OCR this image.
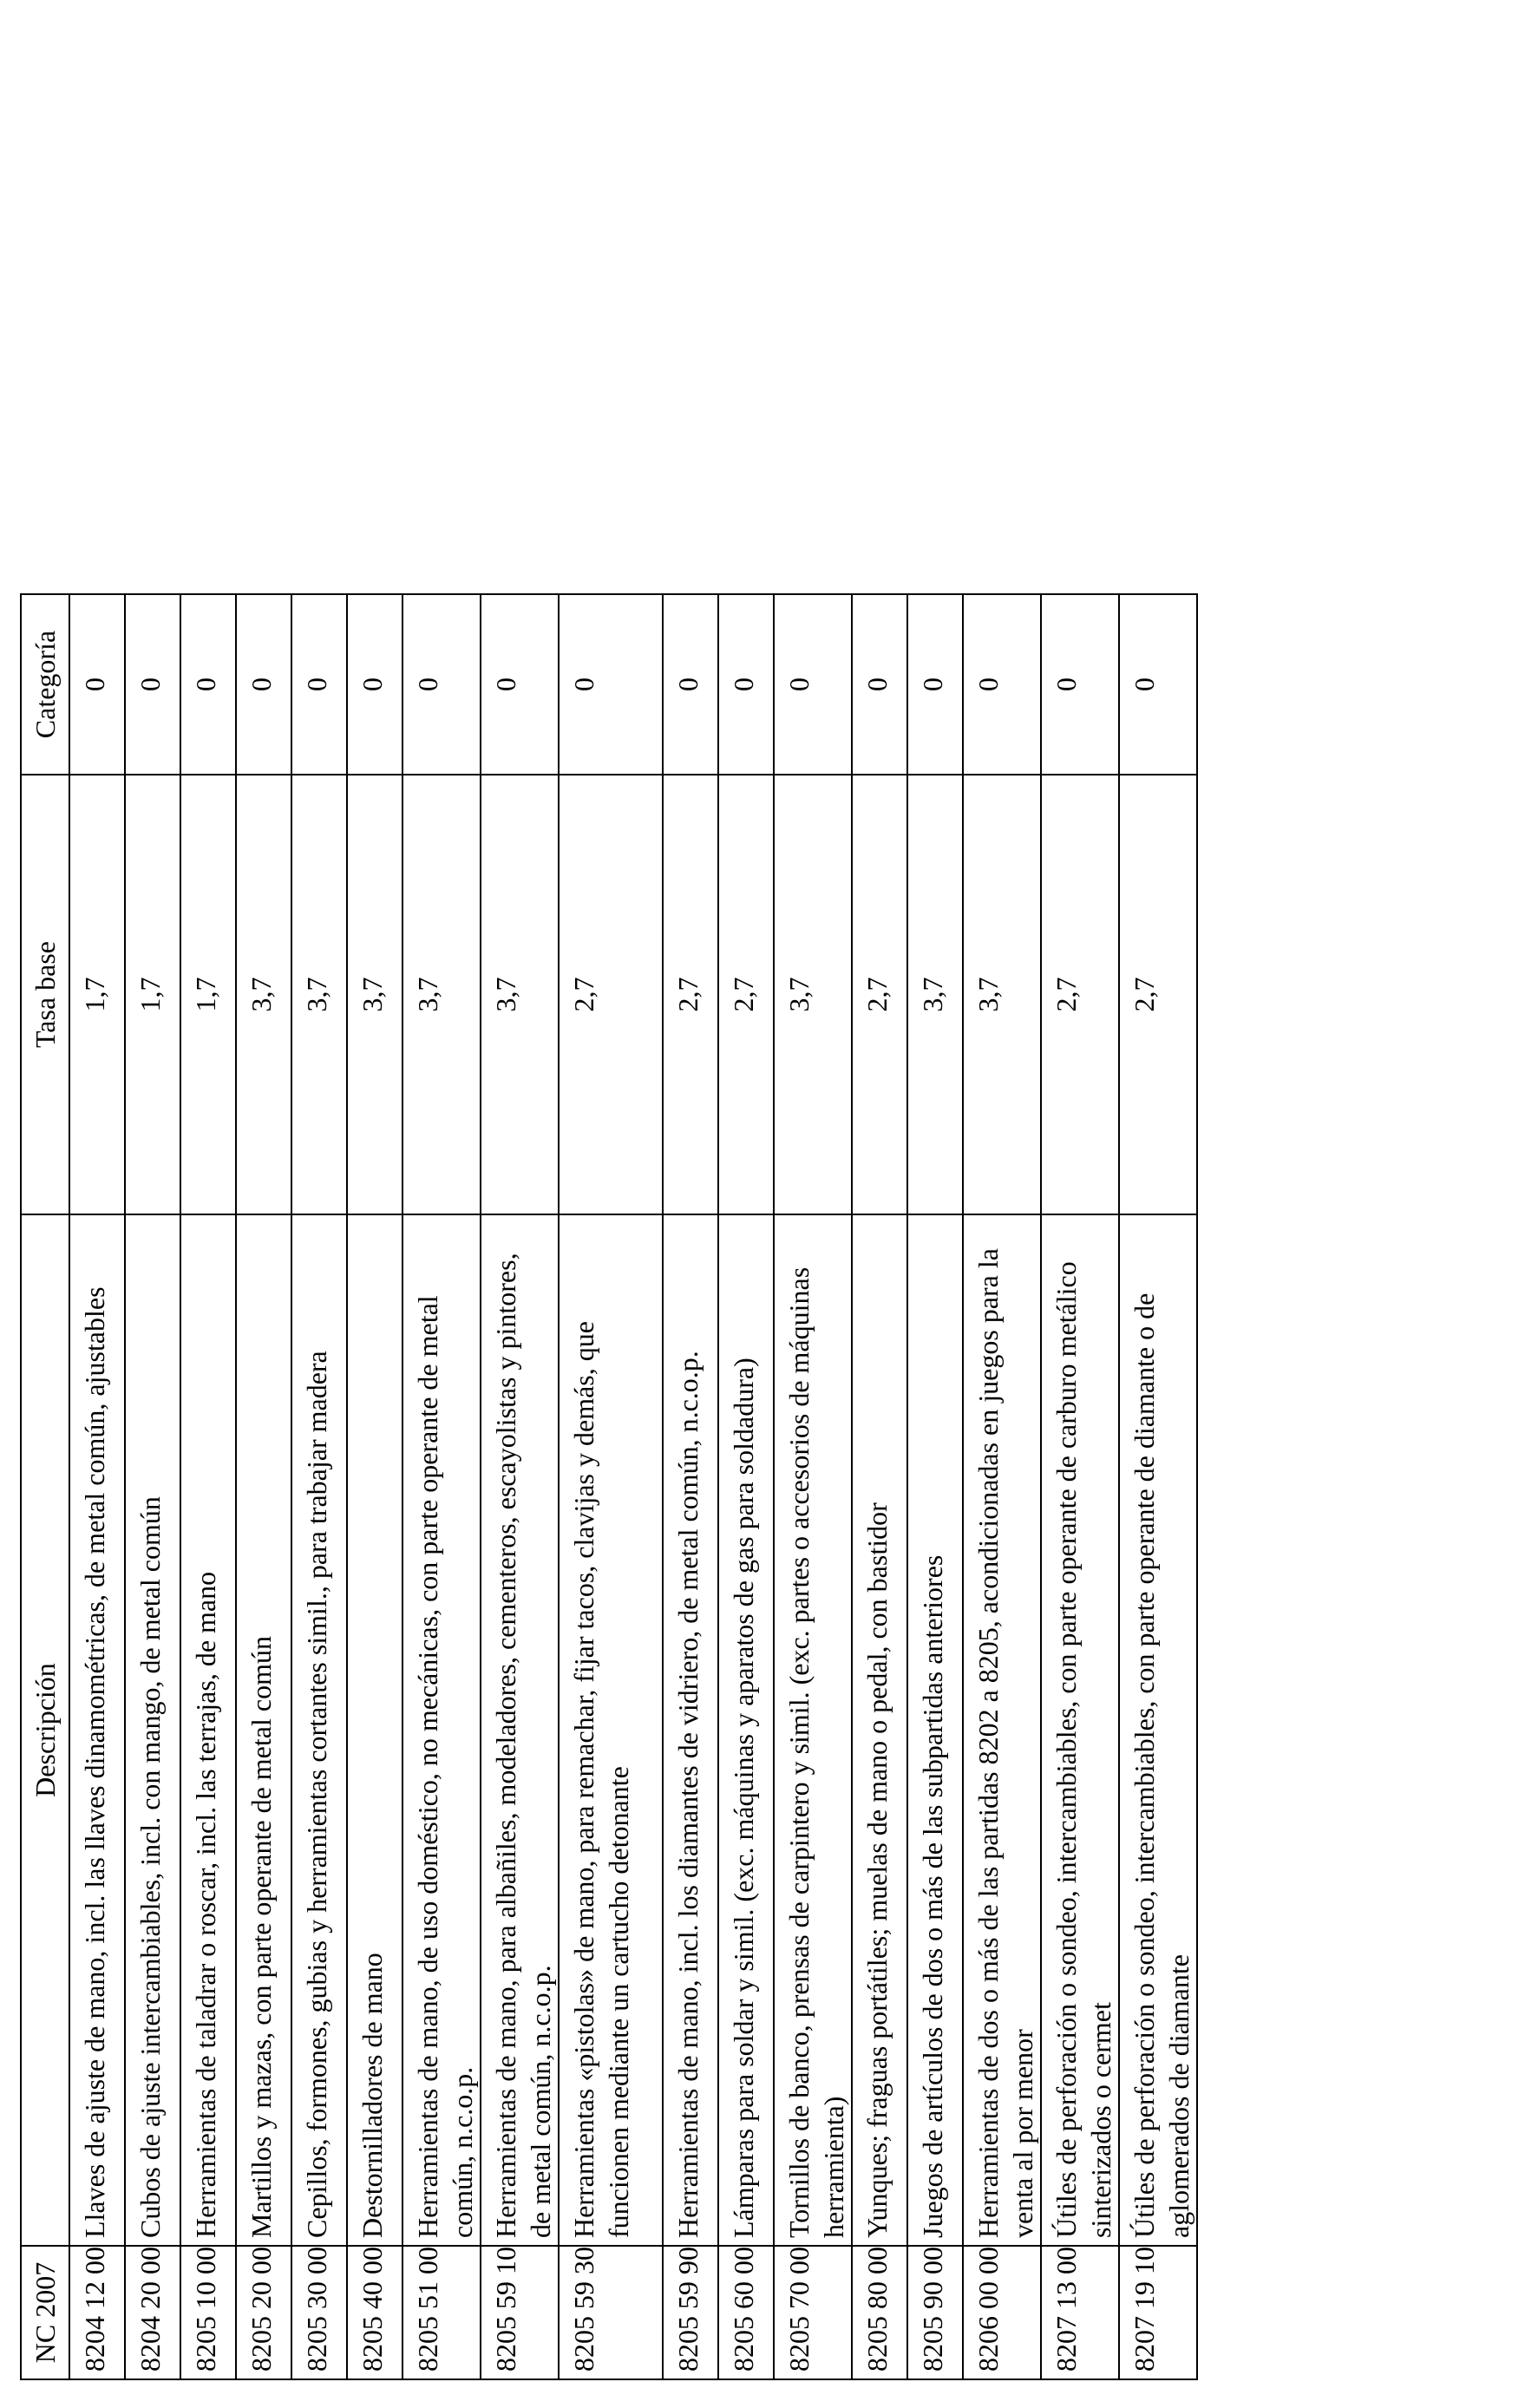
NC 2007	Descripción	Tasa base	Categoría
8204 12 00	Llaves de ajuste de mano, incl. las llaves dinamométricas, de metal común, ajustables	1,7	0
8204 20 00	Cubos de ajuste intercambiables, incl. con mango, de metal común	1,7	0
8205 10 00	Herramientas de taladrar o roscar, incl. las terrajas, de mano	1,7	0
8205 20 00	Martillos y mazas, con parte operante de metal común	3,7	0
8205 30 00	Cepillos, formones, gubias y herramientas cortantes simil., para trabajar madera	3,7	0
8205 40 00	Destornilladores de mano	3,7	0
8205 51 00	Herramientas de mano, de uso doméstico, no mecánicas, con parte operante de metal común, n.c.o.p.	3,7	0
8205 59 10	Herramientas de mano, para albañiles, modeladores, cementeros, escayolistas y pintores, de metal común, n.c.o.p.	3,7	0
8205 59 30	Herramientas «pistolas» de mano, para remachar, fijar tacos, clavijas y demás, que funcionen mediante un cartucho detonante	2,7	0
8205 59 90	Herramientas de mano, incl. los diamantes de vidriero, de metal común, n.c.o.p.	2,7	0
8205 60 00	Lámparas para soldar y simil. (exc. máquinas y aparatos de gas para soldadura)	2,7	0
8205 70 00	Tornillos de banco, prensas de carpintero y simil. (exc. partes o accesorios de máquinas herramienta)	3,7	0
8205 80 00	Yunques; fraguas portátiles; muelas de mano o pedal, con bastidor	2,7	0
8205 90 00	Juegos de artículos de dos o más de las subpartidas anteriores	3,7	0
8206 00 00	Herramientas de dos o más de las partidas 8202 a 8205, acondicionadas en juegos para la venta al por menor	3,7	0
8207 13 00	Útiles de perforación o sondeo, intercambiables, con parte operante de carburo metálico sinterizados o cermet	2,7	0
8207 19 10	Útiles de perforación o sondeo, intercambiables, con parte operante de diamante o de aglomerados de diamante	2,7	0
